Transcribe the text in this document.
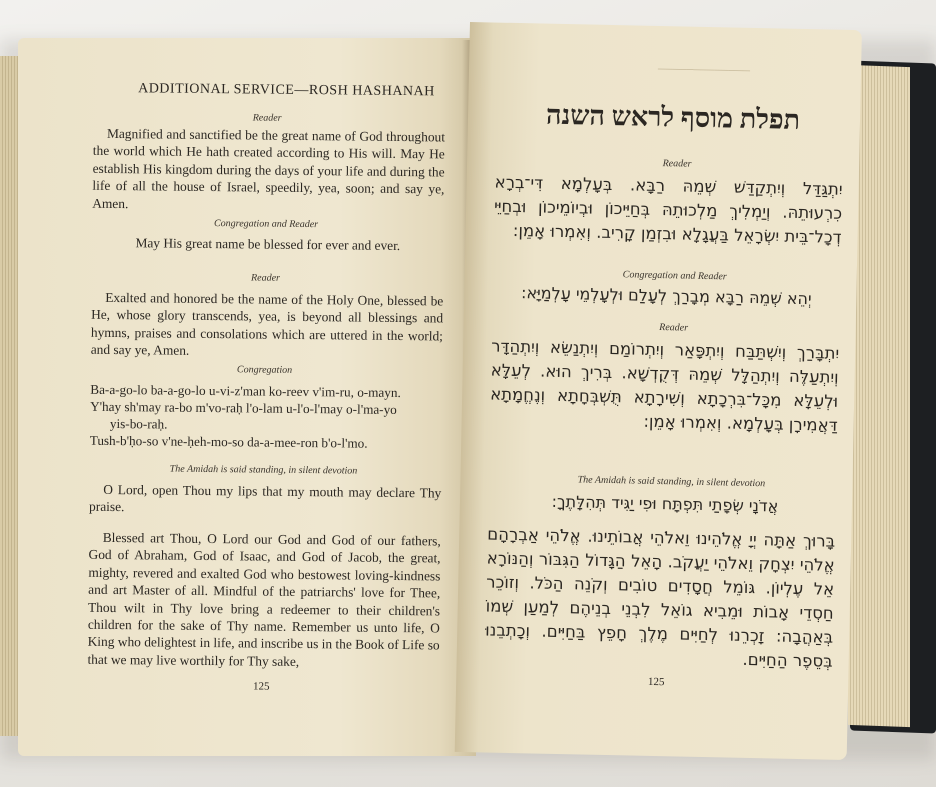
ADDITIONAL SERVICE—ROSH HASHANAH
Reader
Magnified and sanctified be the great name of God throughout the world which He hath created according to His will. May He establish His kingdom during the days of your life and during the life of all the house of Israel, speedily, yea, soon; and say ye, Amen.
Congregation and Reader
May His great name be blessed for ever and ever.
Reader
Exalted and honored be the name of the Holy One, blessed be He, whose glory transcends, yea, is beyond all blessings and hymns, praises and consolations which are uttered in the world; and say ye, Amen.
Congregation
Ba-a-go-lo ba-a-go-lo u-vi-z'man ko-reev v'im-ru, o-mayn.
Y'hay sh'may ra-bo m'vo-raḥ l'o-lam u-l'o-l'may o-l'ma-yo
yis-bo-raḥ.
Tush-b'ḥo-so v'ne-ḥeh-mo-so da-a-mee-ron b'o-l'mo.
The Amidah is said standing, in silent devotion
O Lord, open Thou my lips that my mouth may declare Thy praise.
Blessed art Thou, O Lord our God and God of our fathers, God of Abraham, God of Isaac, and God of Jacob, the great, mighty, revered and exalted God who bestowest loving-kindness and art Master of all. Mindful of the patriarchs' love for Thee, Thou wilt in Thy love bring a redeemer to their children's children for the sake of Thy name. Remember us unto life, O King who delightest in life, and inscribe us in the Book of Life so that we may live worthily for Thy sake,
125
─────────────
תפלת מוסף לראש השנה
Reader
יִתְגַּדַּל וְיִתְקַדַּשׁ שְׁמֵהּ רַבָּא. בְּעָלְמָא דִּי־בְרָא כִרְעוּתֵהּ. וְיַמְלִיךְ מַלְכוּתֵהּ בְּחַיֵּיכוֹן וּבְיוֹמֵיכוֹן וּבְחַיֵּי דְכָל־בֵּית יִשְׂרָאֵל בַּעֲגָלָא וּבִזְמַן קָרִיב. וְאִמְרוּ אָמֵן:
Congregation and Reader
יְהֵא שְׁמֵהּ רַבָּא מְבָרַךְ לְעָלַם וּלְעָלְמֵי עָלְמַיָּא:
Reader
יִתְבָּרַךְ וְיִשְׁתַּבַּח וְיִתְפָּאַר וְיִתְרוֹמַם וְיִתְנַשֵּׂא וְיִתְהַדָּר וְיִתְעַלֶּה וְיִתְהַלָּל שְׁמֵהּ דְּקֻדְשָׁא. בְּרִיךְ הוּא. לְעֵלָּא וּלְעֵלָּא מִכָּל־בִּרְכָתָא וְשִׁירָתָא תֻּשְׁבְּחָתָא וְנֶחֱמָתָא דַּאֲמִירָן בְּעָלְמָא. וְאִמְרוּ אָמֵן:
The Amidah is said standing, in silent devotion
אֲדֹנָי שְׂפָתַי תִּפְתָּח וּפִי יַגִּיד תְּהִלָּתֶךָ:
בָּרוּךְ אַתָּה יְיָ אֱלֹהֵינוּ וֵאלֹהֵי אֲבוֹתֵינוּ. אֱלֹהֵי אַבְרָהָם אֱלֹהֵי יִצְחָק וֵאלֹהֵי יַעֲקֹב. הָאֵל הַגָּדוֹל הַגִּבּוֹר וְהַנּוֹרָא אֵל עֶלְיוֹן. גּוֹמֵל חֲסָדִים טוֹבִים וְקֹנֵה הַכֹּל. וְזוֹכֵר חַסְדֵי אָבוֹת וּמֵבִיא גוֹאֵל לִבְנֵי בְנֵיהֶם לְמַעַן שְׁמוֹ בְּאַהֲבָה: זָכְרֵנוּ לְחַיִּים מֶלֶךְ חָפֵץ בַּחַיִּים. וְכָתְבֵנוּ בְּסֵפֶר הַחַיִּים.
125
